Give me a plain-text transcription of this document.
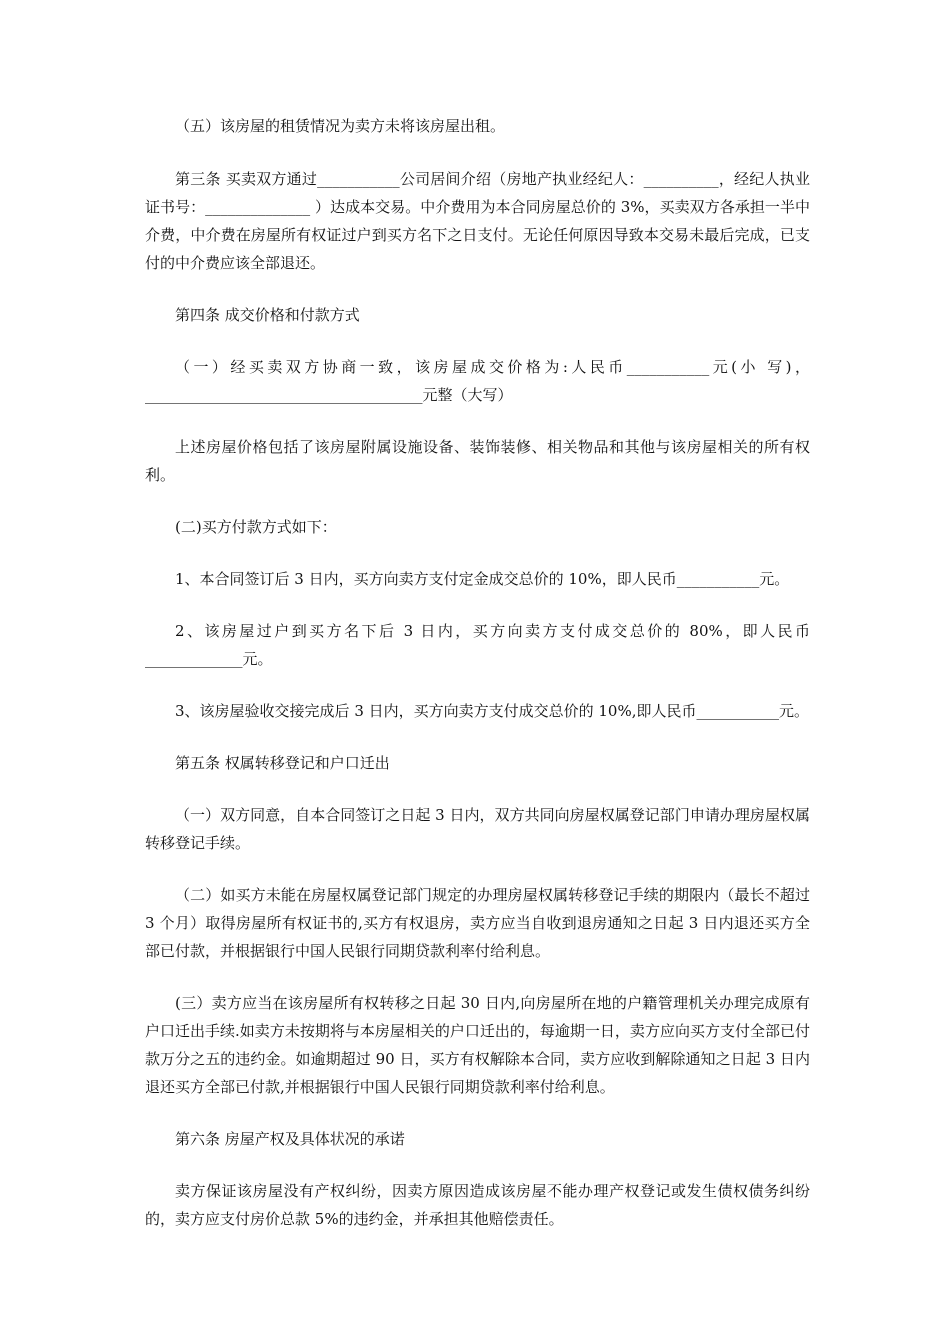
（五）该房屋的租赁情况为卖方未将该房屋出租。

第三条 买卖双方通过___________公司居间介绍（房地产执业经纪人：__________，经纪人执业证书号：______________ ）达成本交易。中介费用为本合同房屋总价的 3%，买卖双方各承担一半中介费，中介费在房屋所有权证过户到买方名下之日支付。无论任何原因导致本交易未最后完成，已支付的中介费应该全部退还。

第四条 成交价格和付款方式

（一）经买卖双方协商一致，该房屋成交价格为:人民币___________元(小 写)，_____________________________________元整（大写）

上述房屋价格包括了该房屋附属设施设备、装饰装修、相关物品和其他与该房屋相关的所有权利。

(二)买方付款方式如下：

1、本合同签订后 3 日内，买方向卖方支付定金成交总价的 10%，即人民币___________元。

2、该房屋过户到买方名下后 3 日内，买方向卖方支付成交总价的 80%，即人民币_____________元。

3、该房屋验收交接完成后 3 日内，买方向卖方支付成交总价的 10%,即人民币___________元。

第五条 权属转移登记和户口迁出

（一）双方同意，自本合同签订之日起 3 日内，双方共同向房屋权属登记部门申请办理房屋权属转移登记手续。

（二）如买方未能在房屋权属登记部门规定的办理房屋权属转移登记手续的期限内（最长不超过 3 个月）取得房屋所有权证书的,买方有权退房，卖方应当自收到退房通知之日起 3 日内退还买方全部已付款，并根据银行中国人民银行同期贷款利率付给利息。

(三）卖方应当在该房屋所有权转移之日起 30 日内,向房屋所在地的户籍管理机关办理完成原有户口迁出手续.如卖方未按期将与本房屋相关的户口迁出的，每逾期一日，卖方应向买方支付全部已付款万分之五的违约金。如逾期超过 90 日，买方有权解除本合同，卖方应收到解除通知之日起 3 日内退还买方全部已付款,并根据银行中国人民银行同期贷款利率付给利息。

第六条 房屋产权及具体状况的承诺

卖方保证该房屋没有产权纠纷，因卖方原因造成该房屋不能办理产权登记或发生债权债务纠纷的，卖方应支付房价总款 5%的违约金，并承担其他赔偿责任。
